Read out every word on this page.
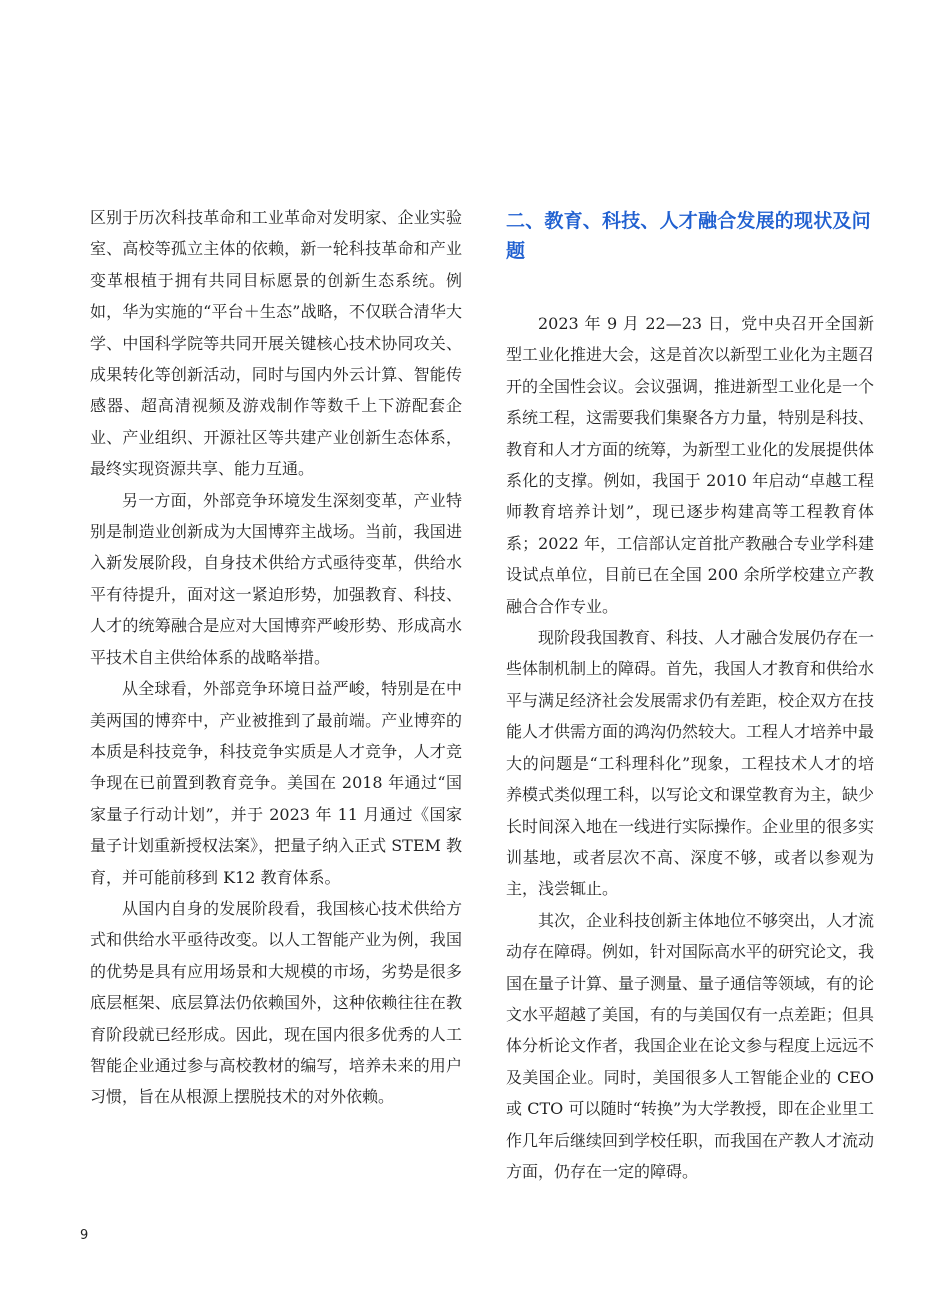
区别于历次科技革命和工业革命对发明家、企业实验室、高校等孤立主体的依赖，新一轮科技革命和产业变革根植于拥有共同目标愿景的创新生态系统。例如，华为实施的“平台＋生态”战略，不仅联合清华大学、中国科学院等共同开展关键核心技术协同攻关、成果转化等创新活动，同时与国内外云计算、智能传感器、超高清视频及游戏制作等数千上下游配套企业、产业组织、开源社区等共建产业创新生态体系，最终实现资源共享、能力互通。

另一方面，外部竞争环境发生深刻变革，产业特别是制造业创新成为大国博弈主战场。当前，我国进入新发展阶段，自身技术供给方式亟待变革，供给水平有待提升，面对这一紧迫形势，加强教育、科技、人才的统筹融合是应对大国博弈严峻形势、形成高水平技术自主供给体系的战略举措。

从全球看，外部竞争环境日益严峻，特别是在中美两国的博弈中，产业被推到了最前端。产业博弈的本质是科技竞争，科技竞争实质是人才竞争，人才竞争现在已前置到教育竞争。美国在 2018 年通过“国家量子行动计划”，并于 2023 年 11 月通过《国家量子计划重新授权法案》，把量子纳入正式 STEM 教育，并可能前移到 K12 教育体系。

从国内自身的发展阶段看，我国核心技术供给方式和供给水平亟待改变。以人工智能产业为例，我国的优势是具有应用场景和大规模的市场，劣势是很多底层框架、底层算法仍依赖国外，这种依赖往往在教育阶段就已经形成。因此，现在国内很多优秀的人工智能企业通过参与高校教材的编写，培养未来的用户习惯，旨在从根源上摆脱技术的对外依赖。

二、教育、科技、人才融合发展的现状及问题

2023 年 9 月 22—23 日，党中央召开全国新型工业化推进大会，这是首次以新型工业化为主题召开的全国性会议。会议强调，推进新型工业化是一个系统工程，这需要我们集聚各方力量，特别是科技、教育和人才方面的统筹，为新型工业化的发展提供体系化的支撑。例如，我国于 2010 年启动“卓越工程师教育培养计划”，现已逐步构建高等工程教育体系；2022 年，工信部认定首批产教融合专业学科建设试点单位，目前已在全国 200 余所学校建立产教融合合作专业。

现阶段我国教育、科技、人才融合发展仍存在一些体制机制上的障碍。首先，我国人才教育和供给水平与满足经济社会发展需求仍有差距，校企双方在技能人才供需方面的鸿沟仍然较大。工程人才培养中最大的问题是“工科理科化”现象，工程技术人才的培养模式类似理工科，以写论文和课堂教育为主，缺少长时间深入地在一线进行实际操作。企业里的很多实训基地，或者层次不高、深度不够，或者以参观为主，浅尝辄止。

其次，企业科技创新主体地位不够突出，人才流动存在障碍。例如，针对国际高水平的研究论文，我国在量子计算、量子测量、量子通信等领域，有的论文水平超越了美国，有的与美国仅有一点差距；但具体分析论文作者，我国企业在论文参与程度上远远不及美国企业。同时，美国很多人工智能企业的 CEO 或 CTO 可以随时“转换”为大学教授，即在企业里工作几年后继续回到学校任职，而我国在产教人才流动方面，仍存在一定的障碍。

9
